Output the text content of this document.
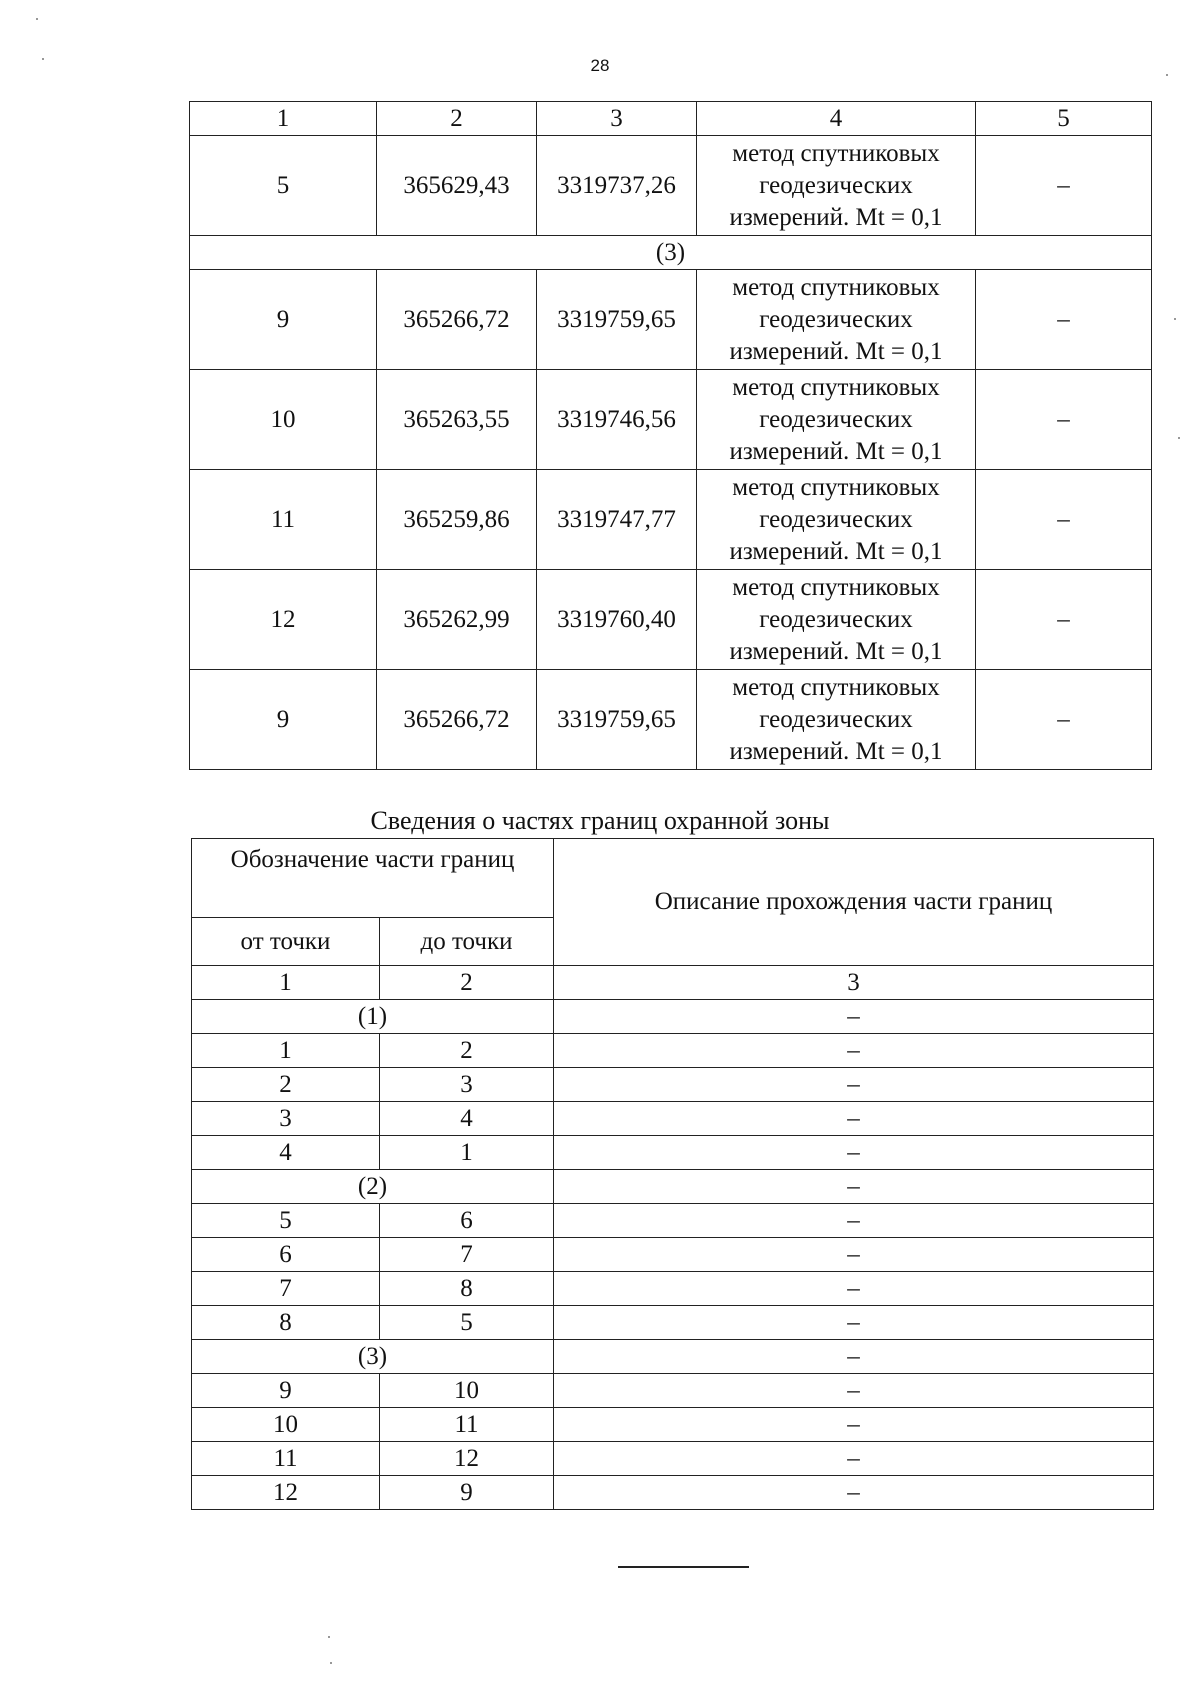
28
1	2	3	4	5
5	365629,43	3319737,26	метод спутниковых
геодезических
измерений. Mt = 0,1	–
(3)				
9	365266,72	3319759,65	метод спутниковых
геодезических
измерений. Mt = 0,1	–
10	365263,55	3319746,56	метод спутниковых
геодезических
измерений. Mt = 0,1	–
11	365259,86	3319747,77	метод спутниковых
геодезических
измерений. Mt = 0,1	–
12	365262,99	3319760,40	метод спутниковых
геодезических
измерений. Mt = 0,1	–
9	365266,72	3319759,65	метод спутниковых
геодезических
измерений. Mt = 0,1	–
Сведения о частях границ охранной зоны
Обозначение части границ		Описание прохождения части границ
от точки	до точки	
1	2	3
(1)		–
1	2	–
2	3	–
3	4	–
4	1	–
(2)		–
5	6	–
6	7	–
7	8	–
8	5	–
(3)		–
9	10	–
10	11	–
11	12	–
12	9	–
